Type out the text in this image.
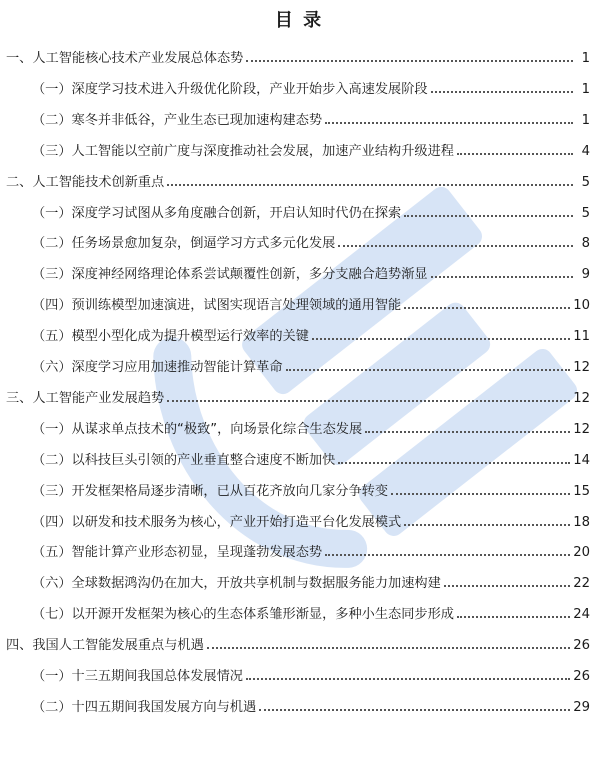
目 录
一、人工智能核心技术产业发展总体态势	1
（一）深度学习技术进入升级优化阶段，产业开始步入高速发展阶段	1
（二）寒冬并非低谷，产业生态已现加速构建态势	1
（三）人工智能以空前广度与深度推动社会发展，加速产业结构升级进程	4
二、人工智能技术创新重点	5
（一）深度学习试图从多角度融合创新，开启认知时代仍在探索	5
（二）任务场景愈加复杂，倒逼学习方式多元化发展	8
（三）深度神经网络理论体系尝试颠覆性创新，多分支融合趋势渐显	9
（四）预训练模型加速演进，试图实现语言处理领域的通用智能	10
（五）模型小型化成为提升模型运行效率的关键	11
（六）深度学习应用加速推动智能计算革命	12
三、人工智能产业发展趋势	12
（一）从谋求单点技术的“极致”，向场景化综合生态发展	12
（二）以科技巨头引领的产业垂直整合速度不断加快	14
（三）开发框架格局逐步清晰，已从百花齐放向几家分争转变	15
（四）以研发和技术服务为核心，产业开始打造平台化发展模式	18
（五）智能计算产业形态初显，呈现蓬勃发展态势	20
（六）全球数据鸿沟仍在加大，开放共享机制与数据服务能力加速构建	22
（七）以开源开发框架为核心的生态体系雏形渐显，多种小生态同步形成	24
四、我国人工智能发展重点与机遇	26
（一）十三五期间我国总体发展情况	26
（二）十四五期间我国发展方向与机遇	29
